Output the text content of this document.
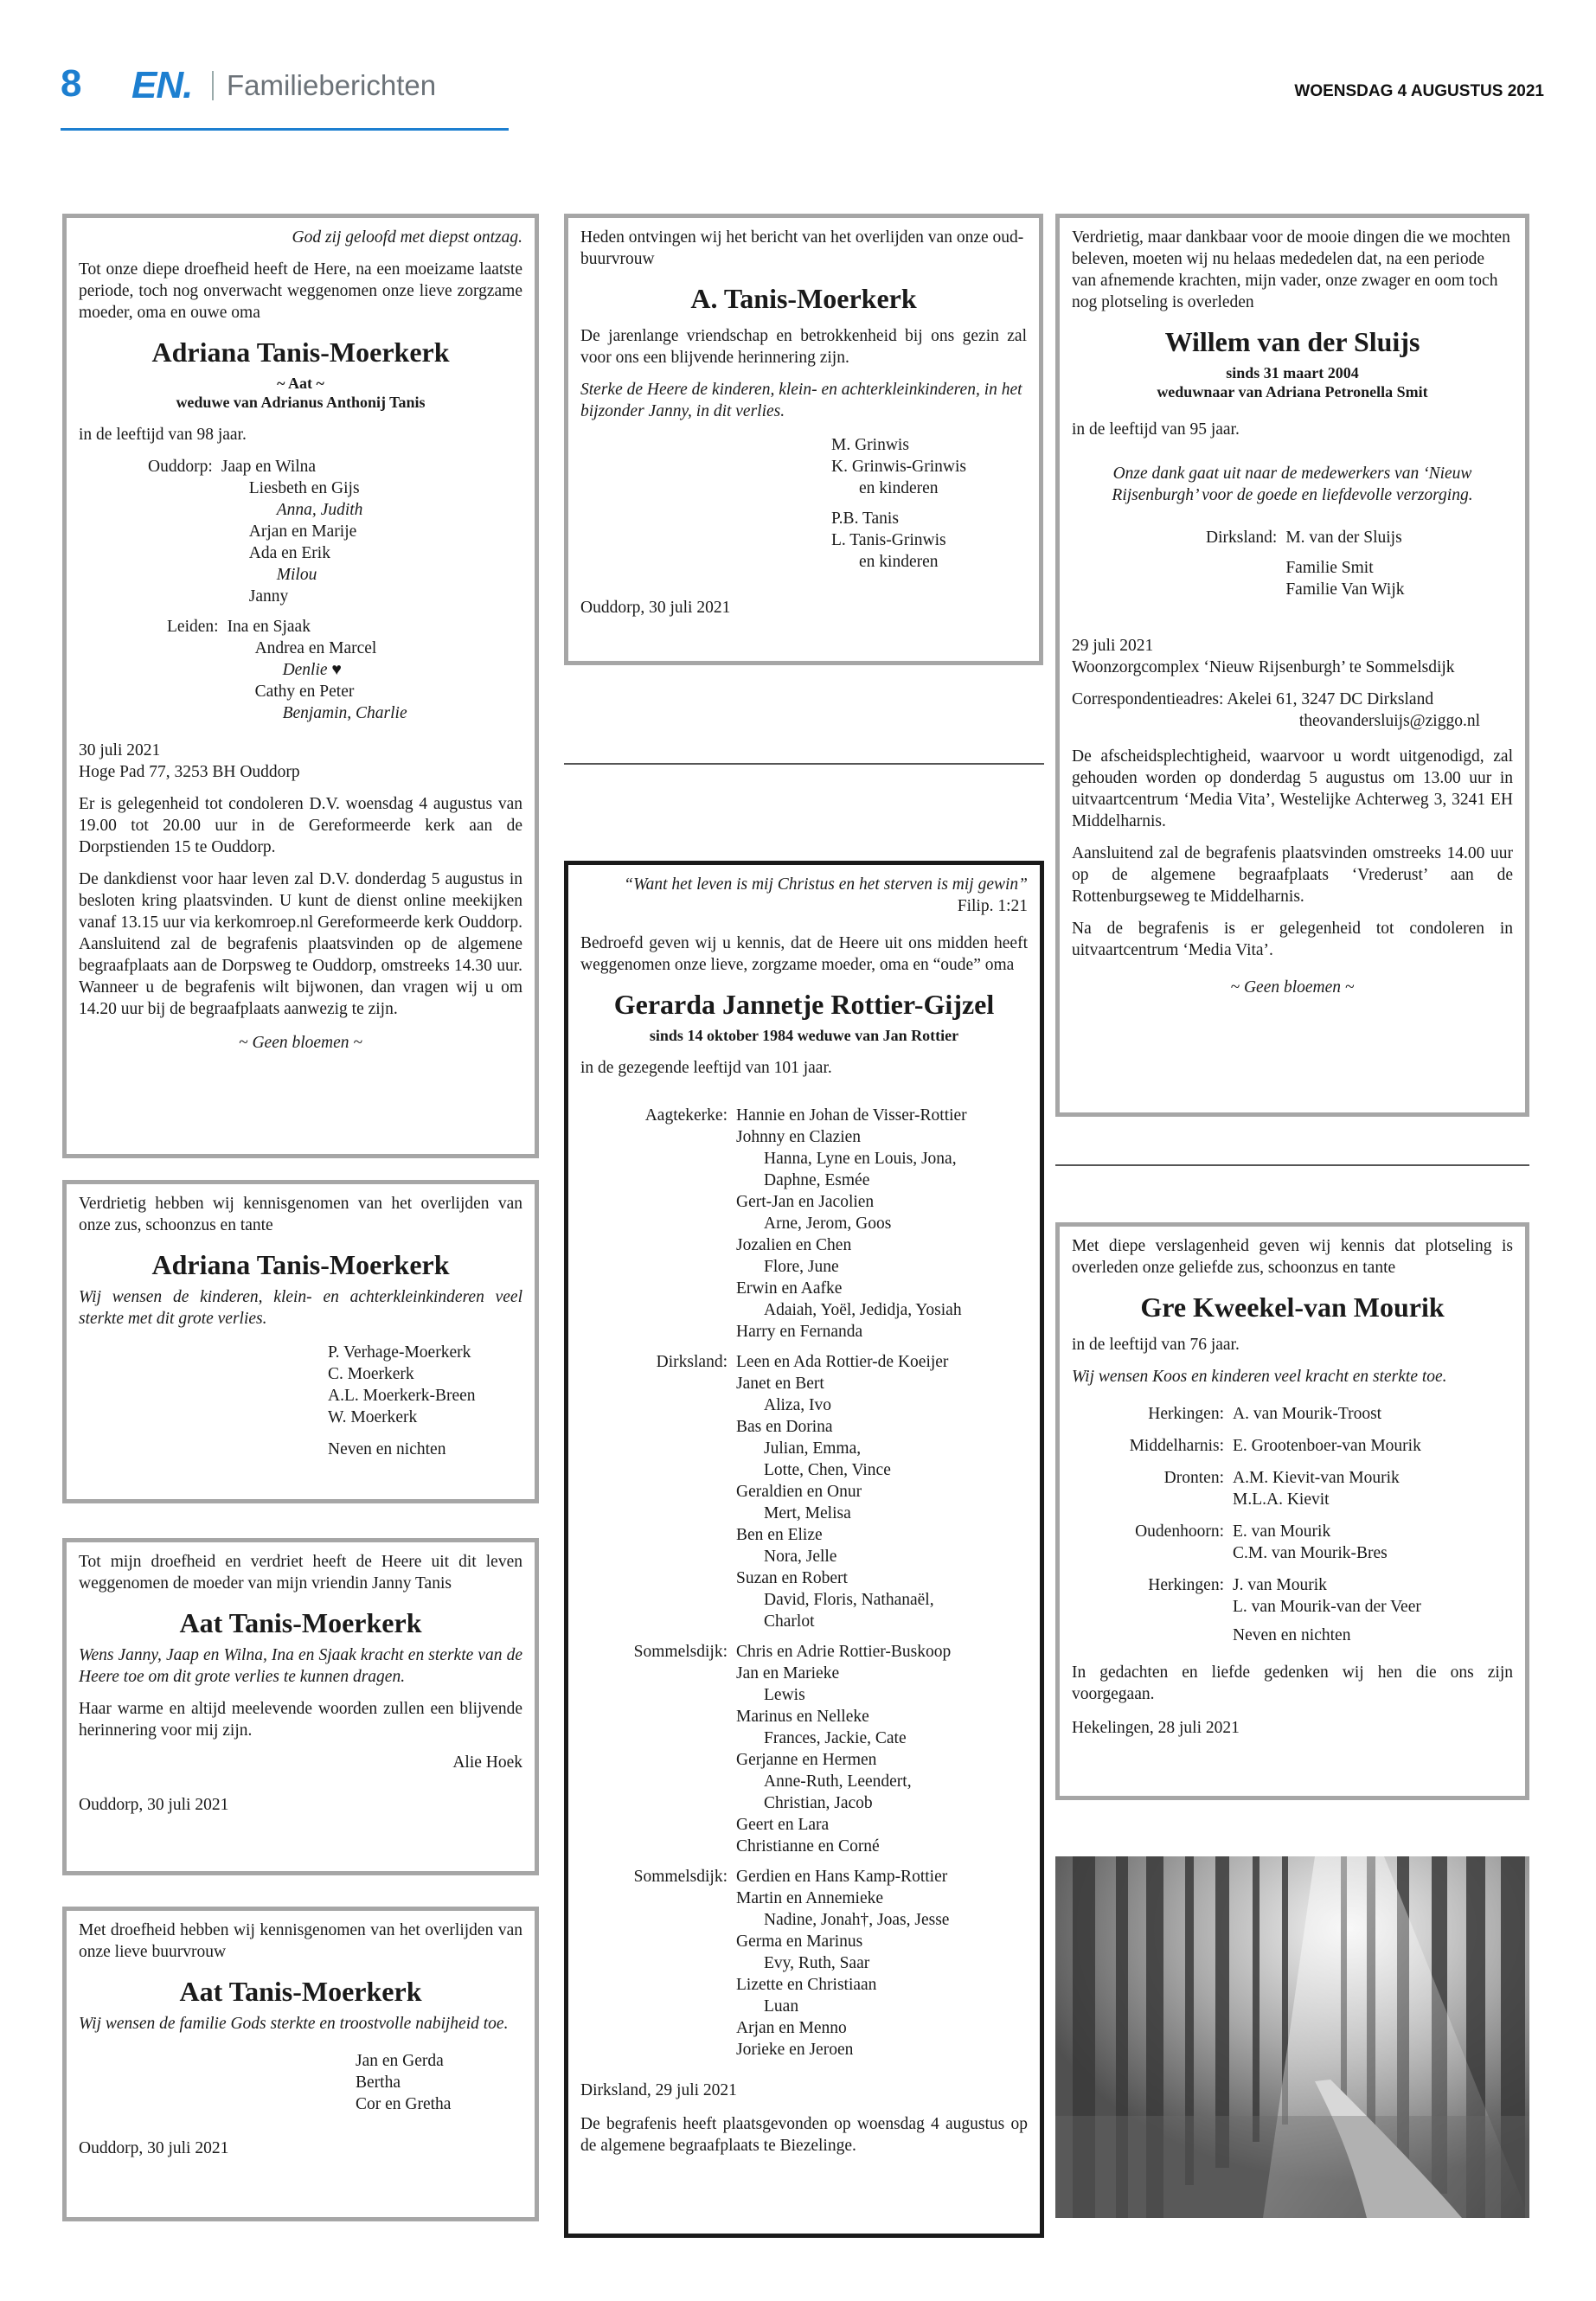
8 EN. Familieberichten	WOENSDAG 4 AUGUSTUS 2021

God zij geloofd met diepst ontzag.

Tot onze diepe droefheid heeft de Here, na een moeizame laatste periode, toch nog onverwacht weggenomen onze lieve zorgzame moeder, oma en ouwe oma

Adriana Tanis-Moerkerk
~ Aat ~
weduwe van Adrianus Anthonij Tanis

in de leeftijd van 98 jaar.

Ouddorp: Jaap en Wilna
Liesbeth en Gijs
Anna, Judith
Arjan en Marije
Ada en Erik
Milou
Janny
Leiden: Ina en Sjaak
Andrea en Marcel
Denlie ♥
Cathy en Peter
Benjamin, Charlie

30 juli 2021

Hoge Pad 77, 3253 BH Ouddorp

Er is gelegenheid tot condoleren D.V. woensdag 4 augustus van 19.00 tot 20.00 uur in de Gereformeerde kerk aan de Dorpstienden 15 te Ouddorp.

De dankdienst voor haar leven zal D.V. donderdag 5 augustus in besloten kring plaatsvinden. U kunt de dienst online meekijken vanaf 13.15 uur via kerkomroep.nl Gereformeerde kerk Ouddorp. Aansluitend zal de begrafenis plaatsvinden op de algemene begraafplaats aan de Dorpsweg te Ouddorp, omstreeks 14.30 uur. Wanneer u de begrafenis wilt bijwonen, dan vragen wij u om 14.20 uur bij de begraafplaats aanwezig te zijn.

~ Geen bloemen ~

Verdrietig hebben wij kennisgenomen van het overlijden van onze zus, schoonzus en tante

Adriana Tanis-Moerkerk

Wij wensen de kinderen, klein- en achterkleinkinderen veel sterkte met dit grote verlies.

P. Verhage-Moerkerk
C. Moerkerk
A.L. Moerkerk-Breen
W. Moerkerk
Neven en nichten

Tot mijn droefheid en verdriet heeft de Heere uit dit leven weggenomen de moeder van mijn vriendin Janny Tanis

Aat Tanis-Moerkerk

Wens Janny, Jaap en Wilna, Ina en Sjaak kracht en sterkte van de Heere toe om dit grote verlies te kunnen dragen.

Haar warme en altijd meelevende woorden zullen een blijvende herinnering voor mij zijn.

Alie Hoek

Ouddorp, 30 juli 2021

Met droefheid hebben wij kennisgenomen van het overlijden van onze lieve buurvrouw

Aat Tanis-Moerkerk

Wij wensen de familie Gods sterkte en troostvolle nabijheid toe.

Jan en Gerda
Bertha
Cor en Gretha

Ouddorp, 30 juli 2021

Heden ontvingen wij het bericht van het overlijden van onze oud-buurvrouw

A. Tanis-Moerkerk

De jarenlange vriendschap en betrokkenheid bij ons gezin zal voor ons een blijvende herinnering zijn.

Sterke de Heere de kinderen, klein- en achterkleinkinderen, in het bijzonder Janny, in dit verlies.

M. Grinwis
K. Grinwis-Grinwis
en kinderen
P.B. Tanis
L. Tanis-Grinwis
en kinderen

Ouddorp, 30 juli 2021

“Want het leven is mij Christus en het sterven is mij gewin”

Filip. 1:21

Bedroefd geven wij u kennis, dat de Heere uit ons midden heeft weggenomen onze lieve, zorgzame moeder, oma en “oude” oma

Gerarda Jannetje Rottier-Gijzel
sinds 14 oktober 1984 weduwe van Jan Rottier

in de gezegende leeftijd van 101 jaar.

Aagtekerke: Hannie en Johan de Visser-Rottier
Johnny en Clazien
Hanna, Lyne en Louis, Jona,
Daphne, Esmée
Gert-Jan en Jacolien
Arne, Jerom, Goos
Jozalien en Chen
Flore, June
Erwin en Aafke
Adaiah, Yoël, Jedidja, Yosiah
Harry en Fernanda
Dirksland: Leen en Ada Rottier-de Koeijer
Janet en Bert
Aliza, Ivo
Bas en Dorina
Julian, Emma,
Lotte, Chen, Vince
Geraldien en Onur
Mert, Melisa
Ben en Elize
Nora, Jelle
Suzan en Robert
David, Floris, Nathanaël,
Charlot
Sommelsdijk: Chris en Adrie Rottier-Buskoop
Jan en Marieke
Lewis
Marinus en Nelleke
Frances, Jackie, Cate
Gerjanne en Hermen
Anne-Ruth, Leendert,
Christian, Jacob
Geert en Lara
Christianne en Corné
Sommelsdijk: Gerdien en Hans Kamp-Rottier
Martin en Annemieke
Nadine, Jonah†, Joas, Jesse
Germa en Marinus
Evy, Ruth, Saar
Lizette en Christiaan
Luan
Arjan en Menno
Jorieke en Jeroen

Dirksland, 29 juli 2021

De begrafenis heeft plaatsgevonden op woensdag 4 augustus op de algemene begraafplaats te Biezelinge.

Verdrietig, maar dankbaar voor de mooie dingen die we mochten beleven, moeten wij nu helaas mededelen dat, na een periode van afnemende krachten, mijn vader, onze zwager en oom toch nog plotseling is overleden

Willem van der Sluijs
sinds 31 maart 2004
weduwnaar van Adriana Petronella Smit

in de leeftijd van 95 jaar.

Onze dank gaat uit naar de medewerkers van ‘Nieuw Rijsenburgh’ voor de goede en liefdevolle verzorging.

Dirksland: M. van der Sluijs
Familie Smit
Familie Van Wijk

29 juli 2021

Woonzorgcomplex ‘Nieuw Rijsenburgh’ te Sommelsdijk

Correspondentieadres: Akelei 61, 3247 DC Dirksland

theovandersluijs@ziggo.nl

De afscheidsplechtigheid, waarvoor u wordt uitgenodigd, zal gehouden worden op donderdag 5 augustus om 13.00 uur in uitvaartcentrum ‘Media Vita’, Westelijke Achterweg 3, 3241 EH Middelharnis.

Aansluitend zal de begrafenis plaatsvinden omstreeks 14.00 uur op de algemene begraafplaats ‘Vrederust’ aan de Rottenburgseweg te Middelharnis.

Na de begrafenis is er gelegenheid tot condoleren in uitvaartcentrum ‘Media Vita’.

~ Geen bloemen ~

Met diepe verslagenheid geven wij kennis dat plotseling is overleden onze geliefde zus, schoonzus en tante

Gre Kweekel-van Mourik

in de leeftijd van 76 jaar.

Wij wensen Koos en kinderen veel kracht en sterkte toe.

Herkingen: A. van Mourik-Troost
Middelharnis: E. Grootenboer-van Mourik
Dronten: A.M. Kievit-van Mourik
M.L.A. Kievit
Oudenhoorn: E. van Mourik
C.M. van Mourik-Bres
Herkingen: J. van Mourik
L. van Mourik-van der Veer
Neven en nichten

In gedachten en liefde gedenken wij hen die ons zijn voorgegaan.

Hekelingen, 28 juli 2021
